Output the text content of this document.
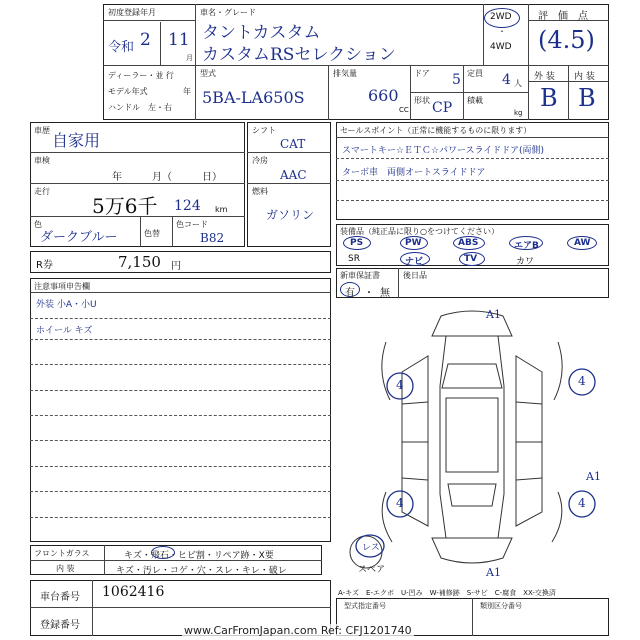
初度登録年月
令和 2 11
月
車名・グレード
タントカスタム
カスタムRSセレクション
2WD
・
4WD
評　価　点
(4.5)
ディーラー・並 行
モデル年式	年
ハンドル　左・右
型式
5BA-LA650S
排気量
660
CC
ドア 5 定員 4 人
形状 CP 積載
kg
外 装 内 装
B B
車歴
自家用
車検
年　　　月（　　　日）
走行
5万6千 124 km
色
ダークブルー	色替
色コード
B82
シフト
CAT
冷房
AAC
燃料
ガソリン
R券	7,150 円
注意事項申告欄
外装 小A・小U
ホイール キズ
フロントガラス	キズ・飛石・ヒビ割・リペア跡・X要
内 装	キズ・汚レ・コゲ・穴・スレ・キレ・破レ
車台番号 1062416
登録番号
セールスポイント（正常に機能するものに限ります）
スマートキー☆ＥＴＣ☆パワースライドドア(両側)
ターボ車　両側オートスライドドア
装備品（純正品に限り○をつけてください）
PS	PW	ABS	エアB	AW
SR	ナビ	TV	カワ
新車保証書
有 ・ 無
後日品
A1
A1
A1
4	4
4	4
レス
スペア
A-キズ　E-エクボ　U-凹み　W-補修跡　S-サビ　C-腐食　XX-交換済
型式指定番号	類別区分番号
www.CarFromJapan.com Ref: CFJ1201740
